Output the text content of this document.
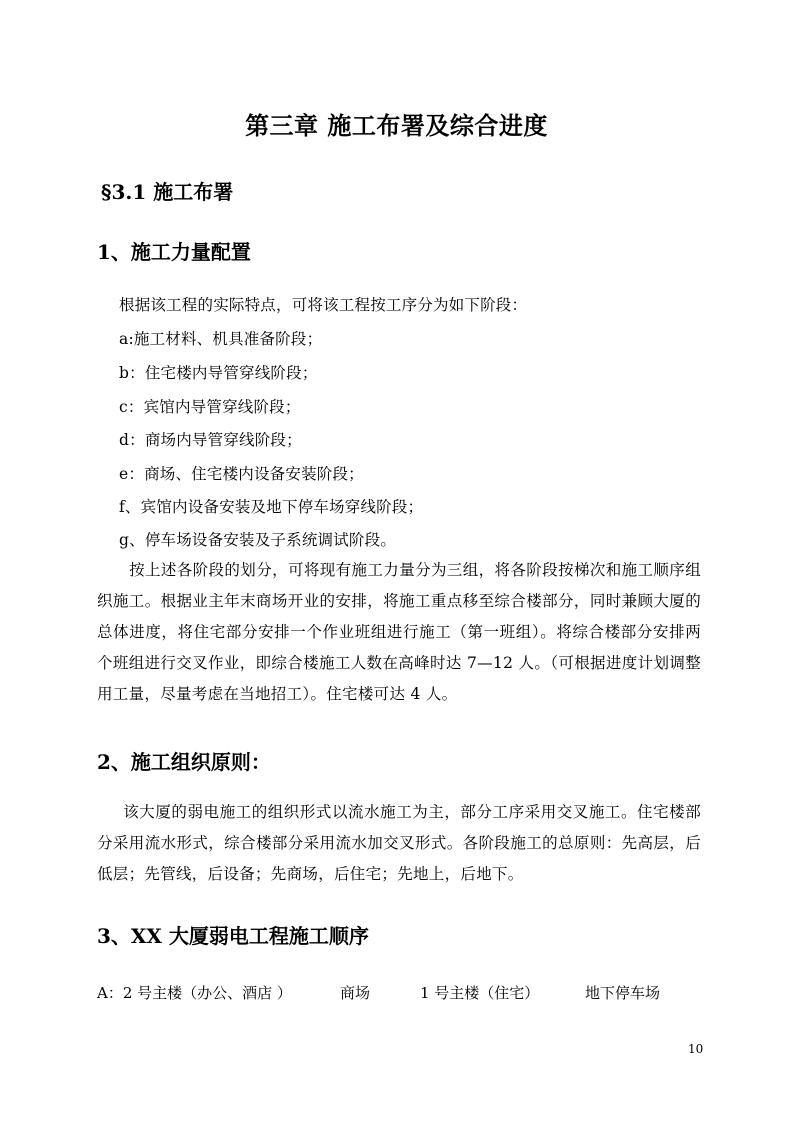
第三章 施工布署及综合进度
§3.1 施工布署
1、施工力量配置
根据该工程的实际特点，可将该工程按工序分为如下阶段：
a:施工材料、机具准备阶段；
b：住宅楼内导管穿线阶段；
c：宾馆内导管穿线阶段；
d：商场内导管穿线阶段；
e：商场、住宅楼内设备安装阶段；
f、宾馆内设备安装及地下停车场穿线阶段；
g、停车场设备安装及子系统调试阶段。
按上述各阶段的划分，可将现有施工力量分为三组，将各阶段按梯次和施工顺序组织施工。根据业主年末商场开业的安排，将施工重点移至综合楼部分，同时兼顾大厦的总体进度，将住宅部分安排一个作业班组进行施工（第一班组）。将综合楼部分安排两个班组进行交叉作业，即综合楼施工人数在高峰时达 7—12 人。（可根据进度计划调整用工量，尽量考虑在当地招工）。住宅楼可达 4 人。
2、施工组织原则：
该大厦的弱电施工的组织形式以流水施工为主，部分工序采用交叉施工。住宅楼部分采用流水形式，综合楼部分采用流水加交叉形式。各阶段施工的总原则：先高层，后低层；先管线，后设备；先商场，后住宅；先地上，后地下。
3、XX 大厦弱电工程施工顺序
A：2 号主楼（办公、酒店 ）	商场	1 号主楼（住宅）	地下停车场
10
